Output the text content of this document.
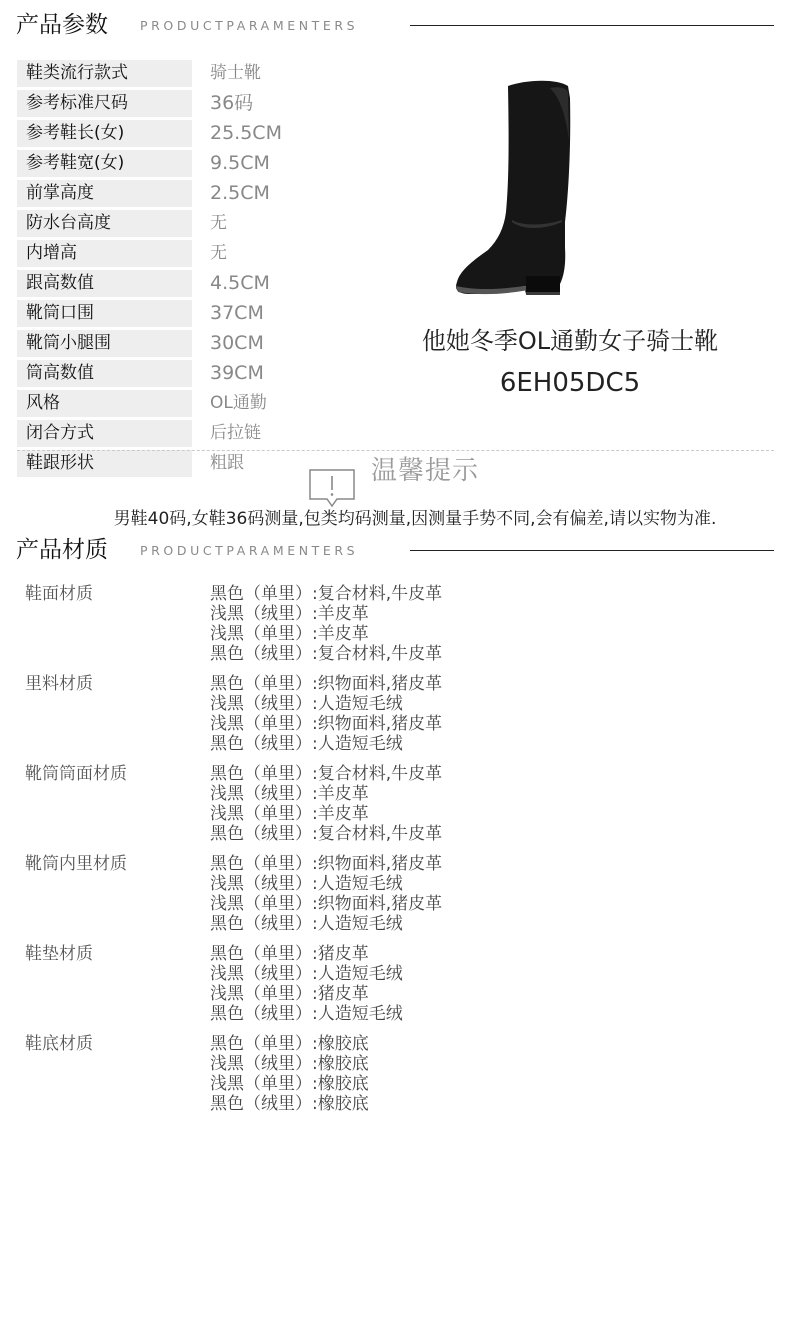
产品参数	PRODUCTPARAMENTERS
鞋类流行款式	骑士靴
参考标准尺码	36码
参考鞋长(女)	25.5CM
参考鞋宽(女)	9.5CM
前掌高度	2.5CM
防水台高度	无
内增高	无
跟高数值	4.5CM
靴筒口围	37CM
靴筒小腿围	30CM
筒高数值	39CM
风格	OL通勤
闭合方式	后拉链
鞋跟形状	粗跟
他她冬季OL通勤女子骑士靴
6EH05DC5
温馨提示
男鞋40码,女鞋36码测量,包类均码测量,因测量手势不同,会有偏差,请以实物为准.
产品材质	PRODUCTPARAMENTERS
鞋面材质	黑色（单里）:复合材料,牛皮革
浅黑（绒里）:羊皮革
浅黑（单里）:羊皮革
黑色（绒里）:复合材料,牛皮革
里料材质	黑色（单里）:织物面料,猪皮革
浅黑（绒里）:人造短毛绒
浅黑（单里）:织物面料,猪皮革
黑色（绒里）:人造短毛绒
靴筒筒面材质	黑色（单里）:复合材料,牛皮革
浅黑（绒里）:羊皮革
浅黑（单里）:羊皮革
黑色（绒里）:复合材料,牛皮革
靴筒内里材质	黑色（单里）:织物面料,猪皮革
浅黑（绒里）:人造短毛绒
浅黑（单里）:织物面料,猪皮革
黑色（绒里）:人造短毛绒
鞋垫材质	黑色（单里）:猪皮革
浅黑（绒里）:人造短毛绒
浅黑（单里）:猪皮革
黑色（绒里）:人造短毛绒
鞋底材质	黑色（单里）:橡胶底
浅黑（绒里）:橡胶底
浅黑（单里）:橡胶底
黑色（绒里）:橡胶底
